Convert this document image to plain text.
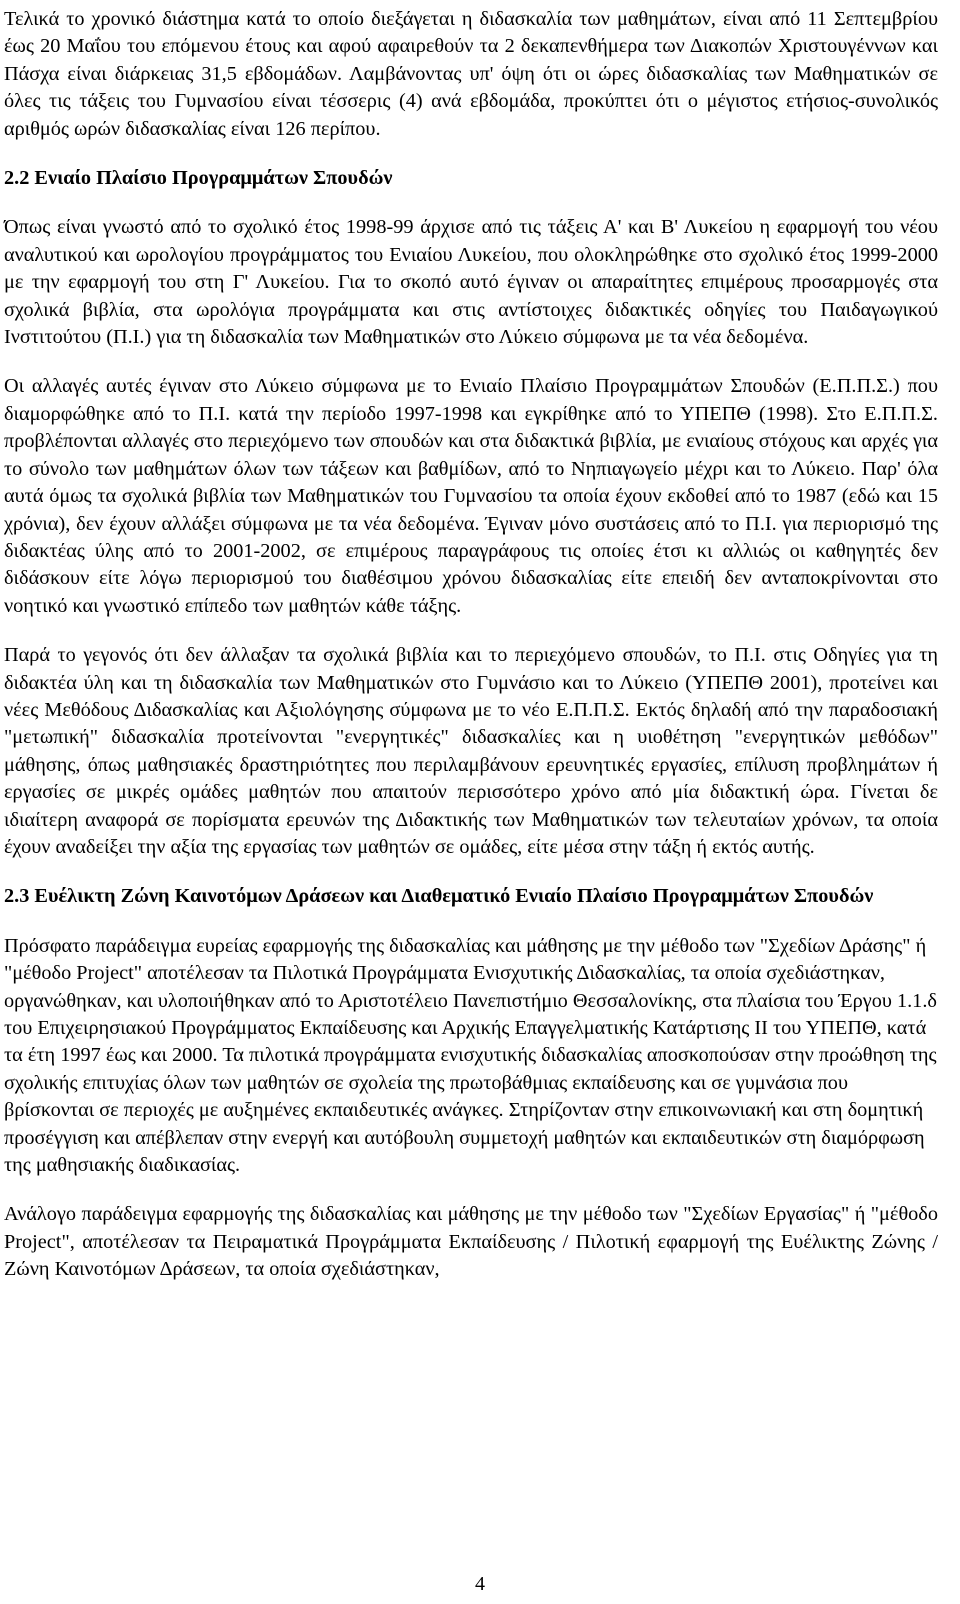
Τελικά το χρονικό διάστημα κατά το οποίο διεξάγεται η διδασκαλία των μαθημάτων, είναι από 11 Σεπτεμβρίου έως 20 Μαΐου του επόμενου έτους και αφού αφαιρεθούν τα 2 δεκαπενθήμερα των Διακοπών Χριστουγέννων και Πάσχα είναι διάρκειας 31,5 εβδομάδων. Λαμβάνοντας υπ' όψη ότι οι ώρες διδασκαλίας των Μαθηματικών σε όλες τις τάξεις του Γυμνασίου είναι τέσσερις (4) ανά εβδομάδα, προκύπτει ότι ο μέγιστος ετήσιος-συνολικός αριθμός ωρών διδασκαλίας είναι 126 περίπου.

2.2 Ενιαίο Πλαίσιο Προγραμμάτων Σπουδών

Όπως είναι γνωστό από το σχολικό έτος 1998-99 άρχισε από τις τάξεις Α' και Β' Λυκείου η εφαρμογή του νέου αναλυτικού και ωρολογίου προγράμματος του Ενιαίου Λυκείου, που ολοκληρώθηκε στο σχολικό έτος 1999-2000 με την εφαρμογή του στη Γ' Λυκείου. Για το σκοπό αυτό έγιναν οι απαραίτητες επιμέρους προσαρμογές στα σχολικά βιβλία, στα ωρολόγια προγράμματα και στις αντίστοιχες διδακτικές οδηγίες του Παιδαγωγικού Ινστιτούτου (Π.Ι.) για τη διδασκαλία των Μαθηματικών στο Λύκειο σύμφωνα με τα νέα δεδομένα.

Οι αλλαγές αυτές έγιναν στο Λύκειο σύμφωνα με το Ενιαίο Πλαίσιο Προγραμμάτων Σπουδών (Ε.Π.Π.Σ.) που διαμορφώθηκε από το Π.Ι. κατά την περίοδο 1997-1998 και εγκρίθηκε από το ΥΠΕΠΘ (1998). Στο Ε.Π.Π.Σ. προβλέπονται αλλαγές στο περιεχόμενο των σπουδών και στα διδακτικά βιβλία, με ενιαίους στόχους και αρχές για το σύνολο των μαθημάτων όλων των τάξεων και βαθμίδων, από το Νηπιαγωγείο μέχρι και το Λύκειο. Παρ' όλα αυτά όμως τα σχολικά βιβλία των Μαθηματικών του Γυμνασίου τα οποία έχουν εκδοθεί από το 1987 (εδώ και 15 χρόνια), δεν έχουν αλλάξει σύμφωνα με τα νέα δεδομένα. Έγιναν μόνο συστάσεις από το Π.Ι. για περιορισμό της διδακτέας ύλης από το 2001-2002, σε επιμέρους παραγράφους τις οποίες έτσι κι αλλιώς οι καθηγητές δεν διδάσκουν είτε λόγω περιορισμού του διαθέσιμου χρόνου διδασκαλίας είτε επειδή δεν ανταποκρίνονται στο νοητικό και γνωστικό επίπεδο των μαθητών κάθε τάξης.

Παρά το γεγονός ότι δεν άλλαξαν τα σχολικά βιβλία και το περιεχόμενο σπουδών, το Π.Ι. στις Οδηγίες για τη διδακτέα ύλη και τη διδασκαλία των Μαθηματικών στο Γυμνάσιο και το Λύκειο (ΥΠΕΠΘ 2001), προτείνει και νέες Μεθόδους Διδασκαλίας και Αξιολόγησης σύμφωνα με το νέο Ε.Π.Π.Σ. Εκτός δηλαδή από την παραδοσιακή "μετωπική" διδασκαλία προτείνονται "ενεργητικές" διδασκαλίες και η υιοθέτηση "ενεργητικών μεθόδων" μάθησης, όπως μαθησιακές δραστηριότητες που περιλαμβάνουν ερευνητικές εργασίες, επίλυση προβλημάτων ή εργασίες σε μικρές ομάδες μαθητών που απαιτούν περισσότερο χρόνο από μία διδακτική ώρα. Γίνεται δε ιδιαίτερη αναφορά σε πορίσματα ερευνών της Διδακτικής των Μαθηματικών των τελευταίων χρόνων, τα οποία έχουν αναδείξει την αξία της εργασίας των μαθητών σε ομάδες, είτε μέσα στην τάξη ή εκτός αυτής.

2.3 Ευέλικτη Ζώνη Καινοτόμων Δράσεων και Διαθεματικό Ενιαίο Πλαίσιο Προγραμμάτων Σπουδών

Πρόσφατο παράδειγμα ευρείας εφαρμογής της διδασκαλίας και μάθησης με την μέθοδο των "Σχεδίων Δράσης" ή "μέθοδο Project" αποτέλεσαν τα Πιλοτικά Προγράμματα Ενισχυτικής Διδασκαλίας, τα οποία σχεδιάστηκαν, οργανώθηκαν, και υλοποιήθηκαν από το Αριστοτέλειο Πανεπιστήμιο Θεσσαλονίκης, στα πλαίσια του Έργου 1.1.δ του Επιχειρησιακού Προγράμματος Εκπαίδευσης και Αρχικής Επαγγελματικής Κατάρτισης ΙΙ του ΥΠΕΠΘ, κατά τα έτη 1997 έως και 2000. Τα πιλοτικά προγράμματα ενισχυτικής διδασκαλίας αποσκοπούσαν στην προώθηση της σχολικής επιτυχίας όλων των μαθητών σε σχολεία της πρωτοβάθμιας εκπαίδευσης και σε γυμνάσια που βρίσκονται σε περιοχές με αυξημένες εκπαιδευτικές ανάγκες. Στηρίζονταν στην επικοινωνιακή και στη δομητική προσέγγιση και απέβλεπαν στην ενεργή και αυτόβουλη συμμετοχή μαθητών και εκπαιδευτικών στη διαμόρφωση της μαθησιακής διαδικασίας.

Ανάλογο παράδειγμα εφαρμογής της διδασκαλίας και μάθησης με την μέθοδο των "Σχεδίων Εργασίας" ή "μέθοδο Project", αποτέλεσαν τα Πειραματικά Προγράμματα Εκπαίδευσης / Πιλοτική εφαρμογή της Ευέλικτης Ζώνης / Ζώνη Καινοτόμων Δράσεων, τα οποία σχεδιάστηκαν,

4
